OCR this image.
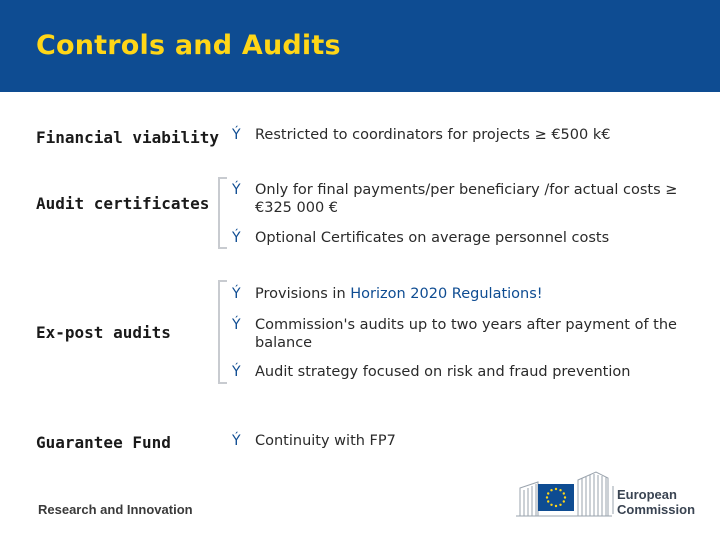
Controls and Audits
Financial viability
Audit certificates
Ex-post audits
Guarantee Fund
Ý Restricted to coordinators for projects ≥ €500 k€
Ý Only for final payments/per beneficiary /for actual costs ≥ €325 000 €
Ý Optional Certificates on average personnel costs
Ý Provisions in Horizon 2020 Regulations!
Ý Commission's audits up to two years after payment of the balance
Ý Audit strategy focused on risk and fraud prevention
Ý Continuity with FP7
Research and Innovation
European
Commission
